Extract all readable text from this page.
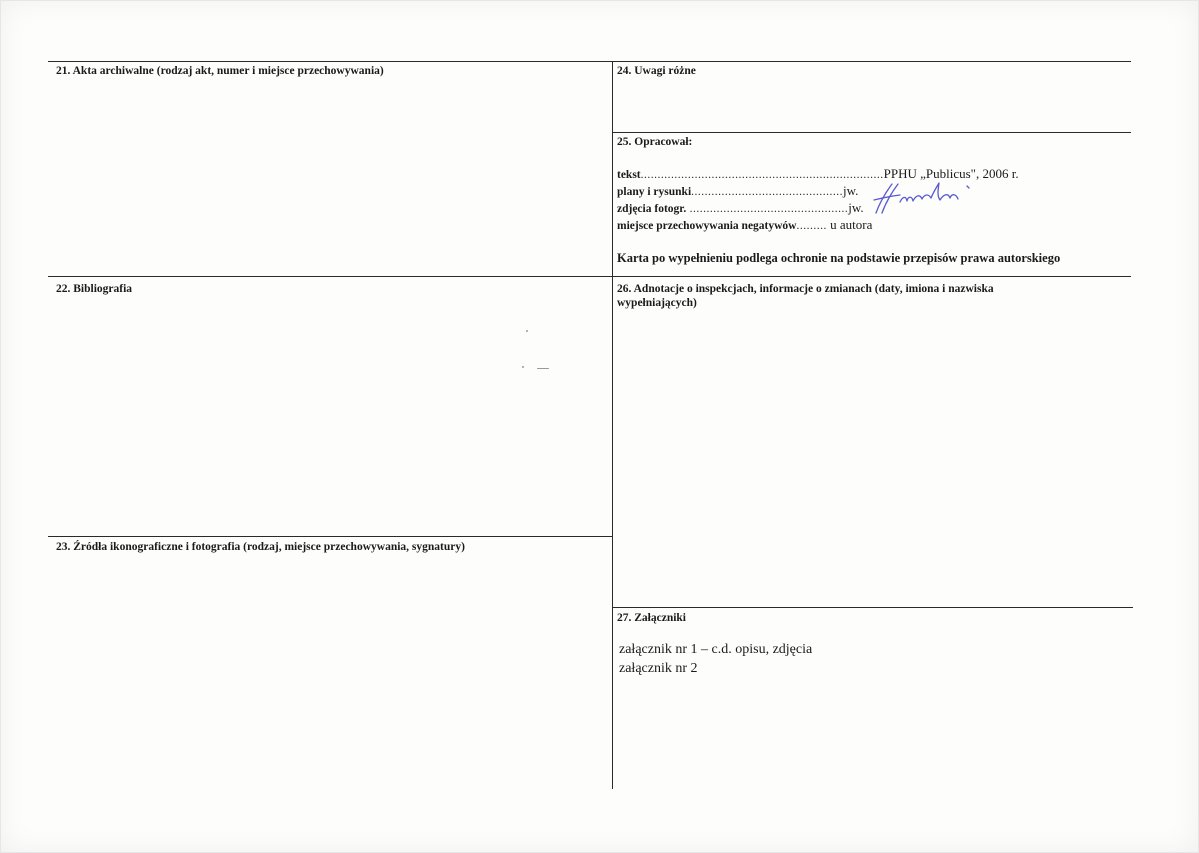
21. Akta archiwalne (rodzaj akt, numer i miejsce przechowywania)
22. Bibliografia
23. Źródła ikonograficzne i fotografia (rodzaj, miejsce przechowywania, sygnatury)
24. Uwagi różne
25. Opracował:
tekst........................................................................PPHU „Publicus", 2006 r.
plany i rysunki.............................................jw.
zdjęcia fotogr. ...............................................jw.
miejsce przechowywania negatywów......... u autora
Karta po wypełnieniu podlega ochronie na podstawie przepisów prawa autorskiego
26. Adnotacje o inspekcjach, informacje o zmianach (daty, imiona i nazwiska wypełniających)
27. Załączniki
załącznik nr 1 – c.d. opisu, zdjęcia
załącznik nr 2
